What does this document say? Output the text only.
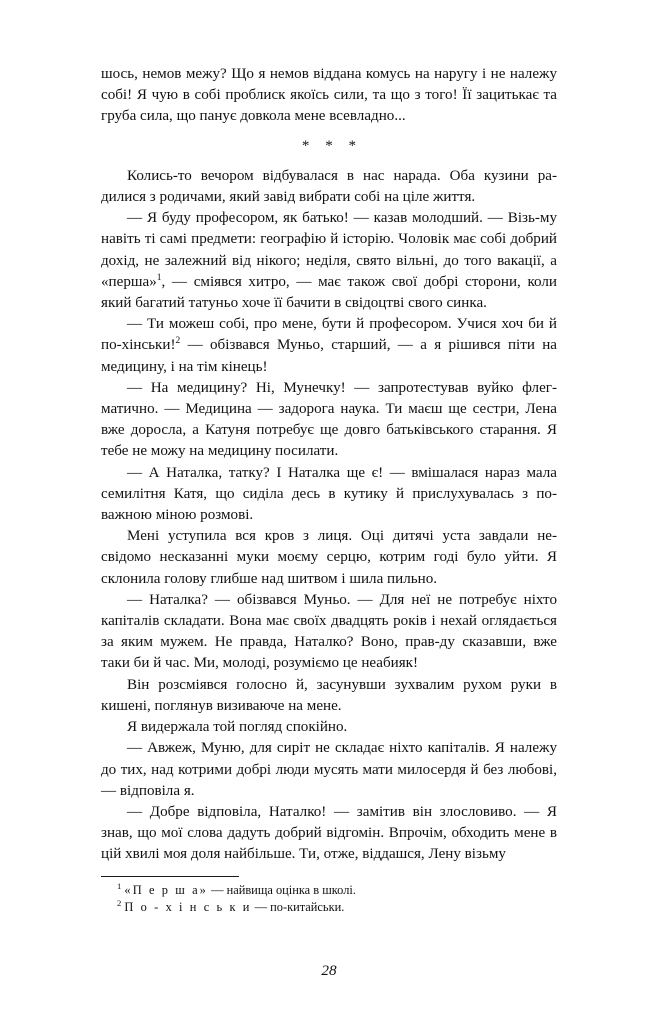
шось, немов межу? Що я немов віддана комусь на наругу і не належу собі! Я чую в собі проблиск якоїсь сили, та що з того! Її зацитькає та груба сила, що панує довкола мене всевладно...

* * *

Колись-то вечором відбувалася в нас нарада. Оба кузини ра-дилися з родичами, який завід вибрати собі на ціле життя.

— Я буду професором, як батько! — казав молодший. — Візь-му навіть ті самі предмети: географію й історію. Чоловік має собі добрий дохід, не залежний від нікого; неділя, свято вільні, до того вакації, а «перша»$^1$, — сміявся хитро, — має також свої добрі сторони, коли який багатий татуньо хоче її бачити в свідоцтві свого синка.

— Ти можеш собі, про мене, бути й професором. Учися хоч би й по-хінськи!$^2$ — обізвався Муньо, старший, — а я рішився піти на медицину, і на тім кінець!

— На медицину? Ні, Мунечку! — запротестував вуйко флег-матично. — Медицина — задорога наука. Ти маєш ще сестри, Лена вже доросла, а Катуня потребує ще довго батьківського старання. Я тебе не можу на медицину посилати.

— А Наталка, татку? І Наталка ще є! — вмішалася нараз мала семилітня Катя, що сиділа десь в кутику й прислухувалась з по-важною міною розмові.

Мені уступила вся кров з лиця. Оці дитячі уста завдали не-свідомо несказанні муки моєму серцю, котрим годі було уйти. Я склонила голову глибше над шитвом і шила пильно.

— Наталка? — обізвався Муньо. — Для неї не потребує ніхто капіталів складати. Вона має своїх двадцять років і нехай оглядається за яким мужем. Не правда, Наталко? Воно, прав-ду сказавши, вже таки би й час. Ми, молоді, розуміємо це неабияк!

Він розсміявся голосно й, засунувши зухвалим рухом руки в кишені, поглянув визиваюче на мене.

Я видержала той погляд спокійно.

— Авжеж, Муню, для сиріт не складає ніхто капіталів. Я належу до тих, над котрими добрі люди мусять мати милосердя й без любові, — відповіла я.

— Добре відповіла, Наталко! — замітив він злословиво. — Я знав, що мої слова дадуть добрий відгомін. Впрочім, обходить мене в цій хвилі моя доля найбільше. Ти, отже, віддашся, Лену візьму

$^1$ «П е р ш а» — найвища оцінка в школі.

$^2$ П о - х і н с ь к и — по-китайськи.

28
